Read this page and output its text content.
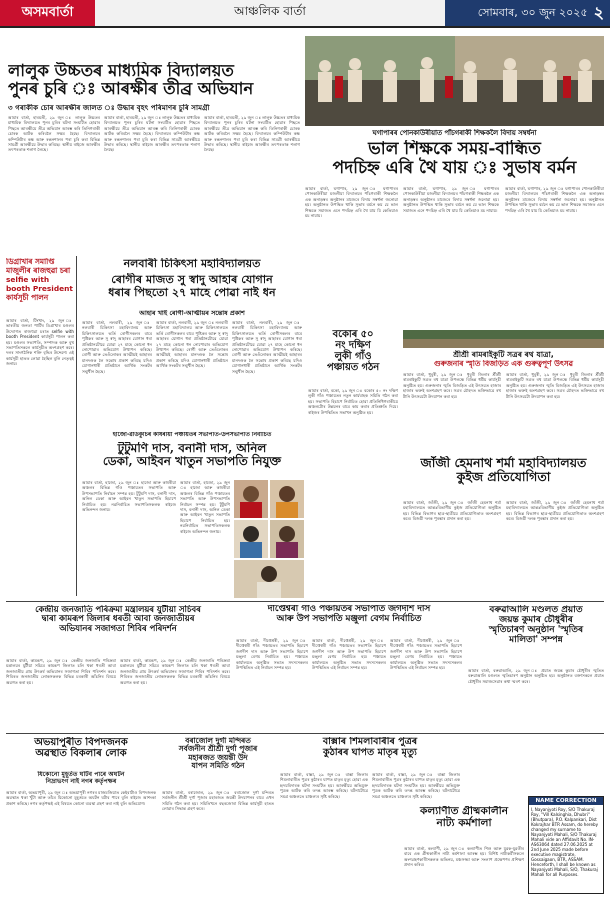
অসমবার্তা	আঞ্চলিক বাৰ্তা	সোমবাৰ, ৩০ জুন ২০২৫ ২
লালুক উচ্চতৰ মাধ্যমিক বিদ্যালয়ত
পুনৰ চুৰি ঃ আৰক্ষীৰ তীব্ৰ অভিযান
৩ গৰাকীক চোৰ আৰক্ষীৰ জালত ঃ উদ্ধাৰ বৃহৎ পৰিমাণৰ চুৰি সামগ্ৰী
আমাৰ বাৰ্তা, হাৰমতী, ২৯ জুন ঃ লালুক উচ্চতৰ মাধ্যমিক বিদ্যালয়ত পুনৰ চুৰিৰ ঘটনা সংঘটিত হোৱাৰ পিছতে আৰক্ষীয়ে তীব্ৰ অভিযান আৰম্ভ কৰি তিনিগৰাকী চোৰক আটক কৰিবলৈ সক্ষম হৈছে। বিদ্যালয়ৰ কম্পিউটাৰ কক্ষ আৰু ৰন্ধনশালৰ পৰা চুৰি কৰা বিভিন্ন সামগ্ৰী আৰক্ষীয়ে উদ্ধাৰ কৰিছে। স্থানীয় ৰাইজে আৰক্ষীৰ তৎপৰতাক শলাগ লৈছে।
আমাৰ বাৰ্তা, হাৰমতী, ২৯ জুন ঃ লালুক উচ্চতৰ মাধ্যমিক বিদ্যালয়ত পুনৰ চুৰিৰ ঘটনা সংঘটিত হোৱাৰ পিছতে আৰক্ষীয়ে তীব্ৰ অভিযান আৰম্ভ কৰি তিনিগৰাকী চোৰক আটক কৰিবলৈ সক্ষম হৈছে। বিদ্যালয়ৰ কম্পিউটাৰ কক্ষ আৰু ৰন্ধনশালৰ পৰা চুৰি কৰা বিভিন্ন সামগ্ৰী আৰক্ষীয়ে উদ্ধাৰ কৰিছে। স্থানীয় ৰাইজে আৰক্ষীৰ তৎপৰতাক শলাগ লৈছে।
আমাৰ বাৰ্তা, হাৰমতী, ২৯ জুন ঃ লালুক উচ্চতৰ মাধ্যমিক বিদ্যালয়ত পুনৰ চুৰিৰ ঘটনা সংঘটিত হোৱাৰ পিছতে আৰক্ষীয়ে তীব্ৰ অভিযান আৰম্ভ কৰি তিনিগৰাকী চোৰক আটক কৰিবলৈ সক্ষম হৈছে। বিদ্যালয়ৰ কম্পিউটাৰ কক্ষ আৰু ৰন্ধনশালৰ পৰা চুৰি কৰা বিভিন্ন সামগ্ৰী আৰক্ষীয়ে উদ্ধাৰ কৰিছে। স্থানীয় ৰাইজে আৰক্ষীৰ তৎপৰতাক শলাগ লৈছে।
ঘগাপাৰৰ পোনকাউৰীয়াত পাঁচগৰাকী শিক্ষকলৈ বিদায় সম্বৰ্ধনা
ভাল শিক্ষকে সময়-বান্ধিত
পদচিহ্ন এৰি থৈ যায় ঃ সুভাষ বৰ্মন
আমাৰ বাৰ্তা, ঘগাপাৰ, ২৯ জুন ঃ ঘগাপাৰৰ পোনকাউৰীয়া মজলীয়া বিদ্যালয়ৰ পাঁচগৰাকী শিক্ষকলৈ এক অনাড়ম্বৰ অনুষ্ঠানৰ মাজেৰে বিদায় সম্বৰ্ধনা জনোৱা হয়। অনুষ্ঠানত উপস্থিত থাকি সুভাষ বৰ্মনে কয় যে ভাল শিক্ষকে সমাজত এনে পদচিহ্ন এৰি থৈ যায় যি কেতিয়াও মচ নাযায়।
আমাৰ বাৰ্তা, ঘগাপাৰ, ২৯ জুন ঃ ঘগাপাৰৰ পোনকাউৰীয়া মজলীয়া বিদ্যালয়ৰ পাঁচগৰাকী শিক্ষকলৈ এক অনাড়ম্বৰ অনুষ্ঠানৰ মাজেৰে বিদায় সম্বৰ্ধনা জনোৱা হয়। অনুষ্ঠানত উপস্থিত থাকি সুভাষ বৰ্মনে কয় যে ভাল শিক্ষকে সমাজত এনে পদচিহ্ন এৰি থৈ যায় যি কেতিয়াও মচ নাযায়।
আমাৰ বাৰ্তা, ঘগাপাৰ, ২৯ জুন ঃ ঘগাপাৰৰ পোনকাউৰীয়া মজলীয়া বিদ্যালয়ৰ পাঁচগৰাকী শিক্ষকলৈ এক অনাড়ম্বৰ অনুষ্ঠানৰ মাজেৰে বিদায় সম্বৰ্ধনা জনোৱা হয়। অনুষ্ঠানত উপস্থিত থাকি সুভাষ বৰ্মনে কয় যে ভাল শিক্ষকে সমাজত এনে পদচিহ্ন এৰি থৈ যায় যি কেতিয়াও মচ নাযায়।
ডিগ্ৰাখাৰ সমাপ্তি মাজুলীৰ ৰাজহুৱা চৰা selfie with booth President কাৰ্যসূচী পালন
আমাৰ বাৰ্তা, টিংখাং, ২৯ জুন ঃ ভাৰতীয় জনতা পাৰ্টিৰ ডিগ্ৰাখাৰ মণ্ডলৰ উদ্যোগত ৰাজহুৱা চৰাত selfie with booth President কাৰ্যসূচী পালন কৰা হয়। মণ্ডলৰ সভাপতি, সম্পাদক আৰু বুথ সভাপতিসকলে কাৰ্যসূচীত অংশগ্ৰহণ কৰে। দলৰ সাংগঠনিক শক্তি বৃদ্ধিৰ উদ্দেশ্যে এই কাৰ্যসূচী হাতত লোৱা হৈছিল বুলি নেতৃত্বই জনায়।
নলবাৰী চিকিৎসা মহাবিদ্যালয়ত
ৰোগীৰ মাজত সু স্বাদু আহাৰ যোগান
ধৰাৰ পিছতো ২৭ মাহে পোৱা নাই ধন
আহাৰ খাই ৰোগী-আত্মীয়ৰ সন্তোষ প্ৰকাশ
আমাৰ বাৰ্তা, নলবাৰী, ২৯ জুন ঃ নলবাৰী চিকিৎসা মহাবিদ্যালয় আৰু চিকিৎসালয়ত ভৰ্তি ৰোগীসকলৰ বাবে পুষ্টিকৰ আৰু সু স্বাদু আহাৰৰ যোগান ধৰা প্ৰতিষ্ঠানটোৱে যোৱা ২৭ মাহে কোনো ধন নোপোৱাৰ অভিযোগ উত্থাপন কৰিছে। ৰোগী আৰু তেওঁলোকৰ আত্মীয়ই আহাৰৰ মানদণ্ডক লৈ সন্তোষ প্ৰকাশ কৰিছে যদিও যোগানধাৰী প্ৰতিষ্ঠানে আৰ্থিক সংকটৰ সন্মুখীন হৈছে।
আমাৰ বাৰ্তা, নলবাৰী, ২৯ জুন ঃ নলবাৰী চিকিৎসা মহাবিদ্যালয় আৰু চিকিৎসালয়ত ভৰ্তি ৰোগীসকলৰ বাবে পুষ্টিকৰ আৰু সু স্বাদু আহাৰৰ যোগান ধৰা প্ৰতিষ্ঠানটোৱে যোৱা ২৭ মাহে কোনো ধন নোপোৱাৰ অভিযোগ উত্থাপন কৰিছে। ৰোগী আৰু তেওঁলোকৰ আত্মীয়ই আহাৰৰ মানদণ্ডক লৈ সন্তোষ প্ৰকাশ কৰিছে যদিও যোগানধাৰী প্ৰতিষ্ঠানে আৰ্থিক সংকটৰ সন্মুখীন হৈছে।
আমাৰ বাৰ্তা, নলবাৰী, ২৯ জুন ঃ নলবাৰী চিকিৎসা মহাবিদ্যালয় আৰু চিকিৎসালয়ত ভৰ্তি ৰোগীসকলৰ বাবে পুষ্টিকৰ আৰু সু স্বাদু আহাৰৰ যোগান ধৰা প্ৰতিষ্ঠানটোৱে যোৱা ২৭ মাহে কোনো ধন নোপোৱাৰ অভিযোগ উত্থাপন কৰিছে। ৰোগী আৰু তেওঁলোকৰ আত্মীয়ই আহাৰৰ মানদণ্ডক লৈ সন্তোষ প্ৰকাশ কৰিছে যদিও যোগানধাৰী প্ৰতিষ্ঠানে আৰ্থিক সংকটৰ সন্মুখীন হৈছে।
হাজো-ৱাৰ্ডকুচিৰ কাষৰীয়া পঞ্চায়তৰ সভাপতি-উপসভাপতি নিৰ্বাচিত
টুটুমণি দাস, বনানী দাস, অনিল
ডেকা, আইবন খাতুন সভাপতি নিযুক্ত
আমাৰ বাৰ্তা, হাজো, ২৯ জুন ঃ হাজো আৰু কাষৰীয়া অঞ্চলৰ বিভিন্ন গাঁও পঞ্চায়তৰ সভাপতি আৰু উপসভাপতি নিৰ্বাচন সম্পন্ন হয়। টুটুমণি দাস, বনানী দাস, অনিল ডেকা আৰু আইবন খাতুন সভাপতি হিচাপে নিৰ্বাচিত হয়। নৱনিৰ্বাচিত সভাপতিসকলক ৰাইজে অভিনন্দন জনায়।
আমাৰ বাৰ্তা, হাজো, ২৯ জুন ঃ হাজো আৰু কাষৰীয়া অঞ্চলৰ বিভিন্ন গাঁও পঞ্চায়তৰ সভাপতি আৰু উপসভাপতি নিৰ্বাচন সম্পন্ন হয়। টুটুমণি দাস, বনানী দাস, অনিল ডেকা আৰু আইবন খাতুন সভাপতি হিচাপে নিৰ্বাচিত হয়। নৱনিৰ্বাচিত সভাপতিসকলক ৰাইজে অভিনন্দন জনায়।
বকোৰ ৫০
নং দক্ষিণ
লুকী গাঁও
পঞ্চায়ত গঠন
আমাৰ বাৰ্তা, বকো, ২৯ জুন ঃ বকোৰ ৫০ নং দক্ষিণ লুকী গাঁও পঞ্চায়তৰ নতুন কাৰ্যবাহক সমিতি গঠন কৰা হয়। সভাপতি হিচাপে নিৰ্বাচিত হোৱা প্ৰতিনিধিগৰাকীয়ে অঞ্চলটোৰ উন্নয়নৰ বাবে কাম কৰাৰ প্ৰতিশ্ৰুতি দিয়ে। ৰাইজৰ উপস্থিতিত সভাখন অনুষ্ঠিত হয়।
শ্ৰীশ্ৰী ৰামৰাইকুটি সত্ৰৰ ৰথ যাত্ৰা,
গুৰুজনাৰ স্মৃতি বিজড়িত এক গুৰুত্বপূৰ্ণ উৎসৱ
আমাৰ বাৰ্তা, ধুবুৰী, ২৯ জুন ঃ ধুবুৰী জিলাৰ শ্ৰীশ্ৰী ৰামৰাইকুটি সত্ৰত ৰথ যাত্ৰা উপলক্ষে বিভিন্ন ধৰ্মীয় কাৰ্যসূচী অনুষ্ঠিত হয়। গুৰুজনাৰ স্মৃতি বিজড়িত এই উৎসৱত হাজাৰ হাজাৰ ভক্তই অংশগ্ৰহণ কৰে। সত্ৰৰ চৌহদত ভক্তিভাৱে ৰথ টানি উৎসৱটো উদযাপন কৰা হয়।
আমাৰ বাৰ্তা, ধুবুৰী, ২৯ জুন ঃ ধুবুৰী জিলাৰ শ্ৰীশ্ৰী ৰামৰাইকুটি সত্ৰত ৰথ যাত্ৰা উপলক্ষে বিভিন্ন ধৰ্মীয় কাৰ্যসূচী অনুষ্ঠিত হয়। গুৰুজনাৰ স্মৃতি বিজড়িত এই উৎসৱত হাজাৰ হাজাৰ ভক্তই অংশগ্ৰহণ কৰে। সত্ৰৰ চৌহদত ভক্তিভাৱে ৰথ টানি উৎসৱটো উদযাপন কৰা হয়।
জাঁজী হেমনাথ শৰ্মা মহাবিদ্যালয়ত
কুইজ প্ৰতিযোগিতা
আমাৰ বাৰ্তা, জাঁজী, ২৯ জুন ঃ জাঁজী হেমনাথ শৰ্মা মহাবিদ্যালয়ত আন্তঃবিভাগীয় কুইজ প্ৰতিযোগিতা অনুষ্ঠিত হয়। বিভিন্ন বিভাগৰ ছাত্ৰ-ছাত্ৰীয়ে প্ৰতিযোগিতাত অংশগ্ৰহণ কৰে। বিজয়ী দলক পুৰস্কাৰ প্ৰদান কৰা হয়।
আমাৰ বাৰ্তা, জাঁজী, ২৯ জুন ঃ জাঁজী হেমনাথ শৰ্মা মহাবিদ্যালয়ত আন্তঃবিভাগীয় কুইজ প্ৰতিযোগিতা অনুষ্ঠিত হয়। বিভিন্ন বিভাগৰ ছাত্ৰ-ছাত্ৰীয়ে প্ৰতিযোগিতাত অংশগ্ৰহণ কৰে। বিজয়ী দলক পুৰস্কাৰ প্ৰদান কৰা হয়।
কেন্দ্ৰীয় জনজাতি পৰিক্ৰমা মন্ত্ৰালয়ৰ যুটীয়া সচিবৰ
দ্বাৰা কামৰূপ জিলাৰ ধৰতী আবা জনজাতীয়ৰ
অভিযানৰ সজাগতা শিবিৰ পৰিদৰ্শন
আমাৰ বাৰ্তা, কামৰূপ, ২৯ জুন ঃ কেন্দ্ৰীয় জনজাতি পৰিক্ৰমা মন্ত্ৰালয়ৰ যুটীয়া সচিবে কামৰূপ জিলাত চলি থকা ধৰতী আবা জনজাতীয় গ্ৰাম উৎকৰ্ষ অভিযানৰ সজাগতা শিবিৰ পৰিদৰ্শন কৰে। শিবিৰত জনজাতীয় লোকসকলক বিভিন্ন চৰকাৰী আঁচনিৰ বিষয়ে অৱগত কৰা হয়।
আমাৰ বাৰ্তা, কামৰূপ, ২৯ জুন ঃ কেন্দ্ৰীয় জনজাতি পৰিক্ৰমা মন্ত্ৰালয়ৰ যুটীয়া সচিবে কামৰূপ জিলাত চলি থকা ধৰতী আবা জনজাতীয় গ্ৰাম উৎকৰ্ষ অভিযানৰ সজাগতা শিবিৰ পৰিদৰ্শন কৰে। শিবিৰত জনজাতীয় লোকসকলক বিভিন্ন চৰকাৰী আঁচনিৰ বিষয়ে অৱগত কৰা হয়।
দীপ্তেশ্বৰী গাঁও পঞ্চায়তৰ সভাপতি জগদীশ দাস
আৰু উপ সভাপতি মঞ্জুলা বেগম নিৰ্বাচিত
আমাৰ বাৰ্তা, দীপ্তেশ্বৰী, ২৯ জুন ঃ দীপ্তেশ্বৰী গাঁও পঞ্চায়তৰ সভাপতি হিচাপে জগদীশ দাস আৰু উপ সভাপতি হিচাপে মঞ্জুলা বেগম নিৰ্বাচিত হয়। পঞ্চায়ত কাৰ্যালয়ত অনুষ্ঠিত সভাত সদস্যসকলৰ উপস্থিতিত এই নিৰ্বাচন সম্পন্ন হয়।
আমাৰ বাৰ্তা, দীপ্তেশ্বৰী, ২৯ জুন ঃ দীপ্তেশ্বৰী গাঁও পঞ্চায়তৰ সভাপতি হিচাপে জগদীশ দাস আৰু উপ সভাপতি হিচাপে মঞ্জুলা বেগম নিৰ্বাচিত হয়। পঞ্চায়ত কাৰ্যালয়ত অনুষ্ঠিত সভাত সদস্যসকলৰ উপস্থিতিত এই নিৰ্বাচন সম্পন্ন হয়।
আমাৰ বাৰ্তা, দীপ্তেশ্বৰী, ২৯ জুন ঃ দীপ্তেশ্বৰী গাঁও পঞ্চায়তৰ সভাপতি হিচাপে জগদীশ দাস আৰু উপ সভাপতি হিচাপে মঞ্জুলা বেগম নিৰ্বাচিত হয়। পঞ্চায়ত কাৰ্যালয়ত অনুষ্ঠিত সভাত সদস্যসকলৰ উপস্থিতিত এই নিৰ্বাচন সম্পন্ন হয়।
বৰুৱাআলি মণ্ডলত প্ৰয়াত
জয়ন্ত কুমাৰ চৌধুৰীৰ
স্মৃতিচাৰণ অনুষ্ঠান 'স্মৃতিৰ
মালিতা' সম্পন্ন
আমাৰ বাৰ্তা, বৰুৱাআলি, ২৯ জুন ঃ প্ৰয়াত জয়ন্ত কুমাৰ চৌধুৰীৰ স্মৃতিত বৰুৱাআলি মণ্ডলত স্মৃতিচাৰণ অনুষ্ঠান অনুষ্ঠিত হয়। অনুষ্ঠানত বক্তাসকলে প্ৰয়াত চৌধুৰীৰ সমাজসেৱাৰ কথা স্মৰণ কৰে।
অভয়াপুৰীত বিপদজনক
অৱস্থাত বিকলাৰ লোক
যিকোনো মুহূৰ্তত ঘটিব পাৰে অঘটন
নিদ্ৰাভংগ নাই নগৰ কৰ্তৃপক্ষৰ
আমাৰ বাৰ্তা, অভয়াপুৰী, ২৯ জুন ঃ অভয়াপুৰী নগৰৰ মাজমজিয়াত কেইবাটাও বিপদজনক অৱস্থাত থকা খুঁটা আৰু তাঁৰে যিকোনো মুহূৰ্ততে অঘটন ঘটাব পাৰে বুলি ৰাইজে আশংকা প্ৰকাশ কৰিছে। নগৰ কৰ্তৃপক্ষই এই বিষয়ত কোনো ব্যৱস্থা গ্ৰহণ কৰা নাই বুলি অভিযোগ।
বৰাজোল দুৰ্গা মন্দিৰত
সৰ্বজনীন শ্ৰীশ্ৰী দুৰ্গা পূজাৰ
মহাৰজত জয়ন্তী উদ
যাপন সমিতি গঠন
আমাৰ বাৰ্তা, বৰাজোল, ২৯ জুন ঃ বৰাজোল দুৰ্গা মন্দিৰত সৰ্বজনীন শ্ৰীশ্ৰী দুৰ্গা পূজাৰ মহাৰজত জয়ন্তী উদযাপনৰ বাবে এখন সমিতি গঠন কৰা হয়। সমিতিখনে বছৰজোৰা বিভিন্ন কাৰ্যসূচী হাতত লোৱাৰ সিদ্ধান্ত গ্ৰহণ কৰে।
বাক্সাৰ শিমলাবাৰীৰ পুত্ৰৰ
কুঠাৰৰ ঘাপত মাতৃৰ মৃত্যু
আমাৰ বাৰ্তা, বাক্সা, ২৯ জুন ঃ বাক্সা জিলাৰ শিমলাবাৰীত পুত্ৰৰ কুঠাৰৰ ঘাপত মাতৃৰ মৃত্যু হোৱা এক হৃদয়বিদাৰক ঘটনা সংঘটিত হয়। আৰক্ষীয়ে অভিযুক্ত পুত্ৰক আটক কৰি তদন্ত আৰম্ভ কৰিছে। ঘটনাটোৱে সমগ্ৰ অঞ্চলতে চাঞ্চল্যৰ সৃষ্টি কৰিছে।
আমাৰ বাৰ্তা, বাক্সা, ২৯ জুন ঃ বাক্সা জিলাৰ শিমলাবাৰীত পুত্ৰৰ কুঠাৰৰ ঘাপত মাতৃৰ মৃত্যু হোৱা এক হৃদয়বিদাৰক ঘটনা সংঘটিত হয়। আৰক্ষীয়ে অভিযুক্ত পুত্ৰক আটক কৰি তদন্ত আৰম্ভ কৰিছে। ঘটনাটোৱে সমগ্ৰ অঞ্চলতে চাঞ্চল্যৰ সৃষ্টি কৰিছে।
কল্যাণীত গ্ৰীষ্মকালীন
নাট্য কৰ্মশালা
আমাৰ বাৰ্তা, কল্যাণী, ২৯ জুন ঃ কল্যাণীত শিশু আৰু যুৱক-যুৱতীৰ বাবে এক গ্ৰীষ্মকালীন নাট্য কৰ্মশালা আৰম্ভ হয়। বিশিষ্ট নাট্যকৰ্মীসকলে অংশগ্ৰহণকাৰীসকলক অভিনয়, মঞ্চসজ্জা আৰু সংলাপ প্ৰক্ষেপণৰ প্ৰশিক্ষণ প্ৰদান কৰিব।
NAME CORRECTION
I, Nayanjyoti Roy, S/O Thakuraj Roy, "Vill Kalsinghia, Dhubri" (Bhutpara), P.O. Kalpankari, Dist Kokrajhar BTR Assam, do hereby changed my surname to Nayanjyoti Mahali, S/O Thakuraj Mahali vide an Affidavit No. IN-AS63064 dated 27.06.2025 at 2nd June 2025 made before executive magistrate, Gossaigaon, BTR, ASSAM. Henceforth, I shall be known as Nayanjyoti Mahali, S/O, Thakuraj Mahali for all Purposes.
